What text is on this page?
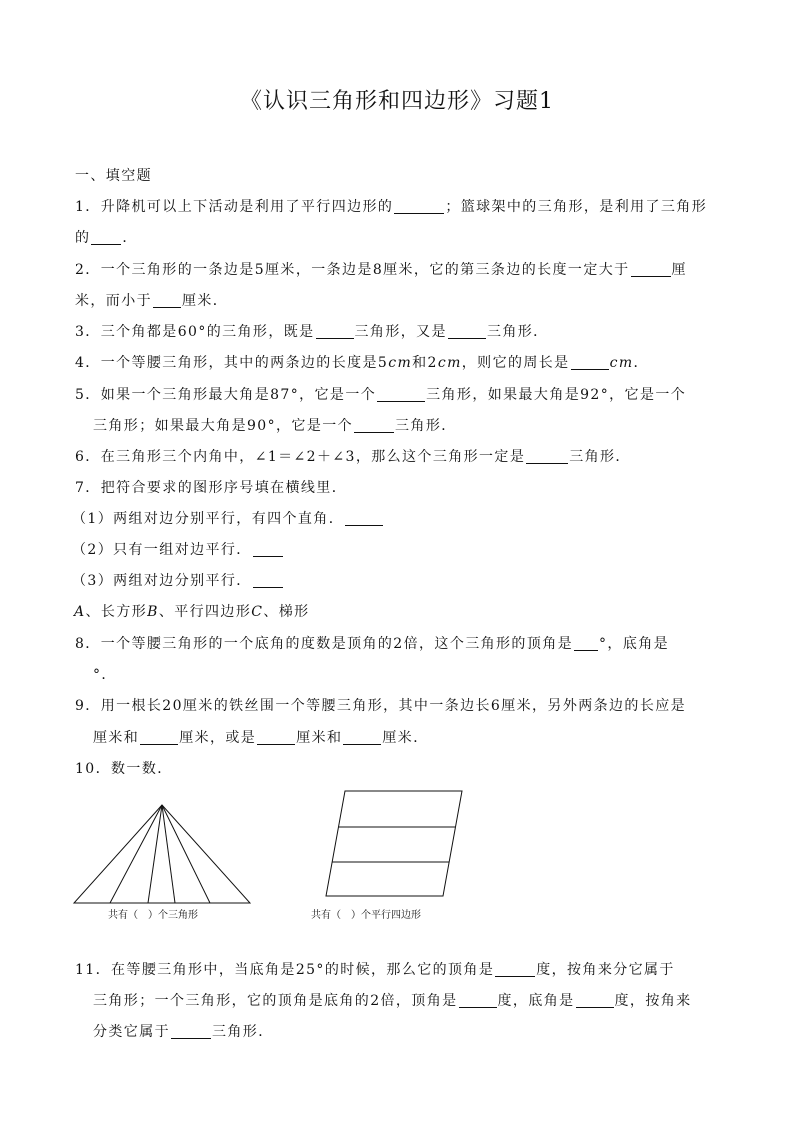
《认识三角形和四边形》习题1
一、填空题
1．升降机可以上下活动是利用了平行四边形的	；篮球架中的三角形，是利用了三角形
的 ．
2．一个三角形的一条边是5厘米，一条边是8厘米，它的第三条边的长度一定大于	厘
米，而小于 厘米．
3．三个角都是60°的三角形，既是	三角形，又是	三角形．
4．一个等腰三角形，其中的两条边的长度是5cm和2cm，则它的周长是	cm．
5．如果一个三角形最大角是87°，它是一个	三角形，如果最大角是92°，它是一个
三角形；如果最大角是90°，它是一个	三角形．
6．在三角形三个内角中，∠1＝∠2＋∠3，那么这个三角形一定是	三角形．
7．把符合要求的图形序号填在横线里．
（1）两组对边分别平行，有四个直角．
（2）只有一组对边平行．
（3）两组对边分别平行．
A、长方形B、平行四边形C、梯形
8．一个等腰三角形的一个底角的度数是顶角的2倍，这个三角形的顶角是 °，底角是
°．
9．用一根长20厘米的铁丝围一个等腰三角形，其中一条边长6厘米，另外两条边的长应是
厘米和	厘米，或是	厘米和	厘米．
10．数一数．
共有（　）个三角形	共有（　）个平行四边形
11．在等腰三角形中，当底角是25°的时候，那么它的顶角是	度，按角来分它属于
三角形；一个三角形，它的顶角是底角的2倍，顶角是	度，底角是	度，按角来
分类它属于	三角形．
